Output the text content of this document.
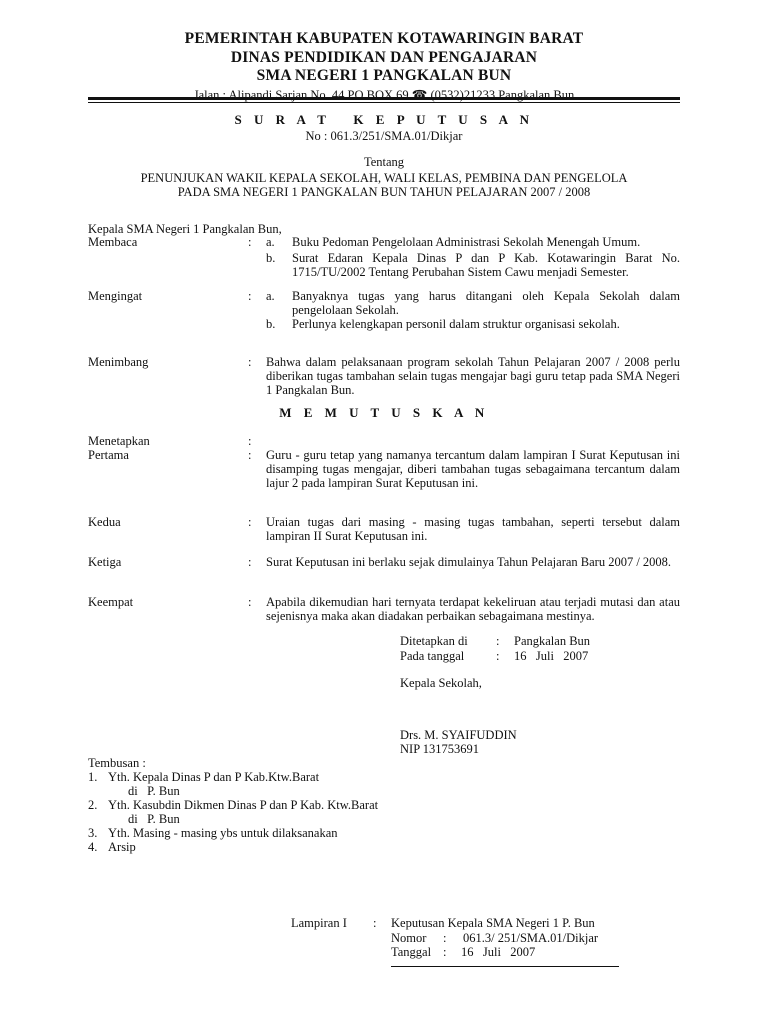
PEMERINTAH KABUPATEN KOTAWARINGIN BARAT
DINAS PENDIDIKAN DAN PENGAJARAN
SMA NEGERI 1 PANGKALAN BUN
Jalan : Alipandi Sarjan No. 44 PO BOX 69 ☎ (0532)21233 Pangkalan Bun
S U R A T   K E P U T U S A N
No : 061.3/251/SMA.01/Dikjar
Tentang
PENUNJUKAN WAKIL KEPALA SEKOLAH, WALI KELAS, PEMBINA DAN PENGELOLA
PADA SMA NEGERI 1 PANGKALAN BUN TAHUN PELAJARAN 2007 / 2008
Kepala SMA Negeri 1 Pangkalan Bun,
Membaca	:	a. Buku Pedoman Pengelolaan Administrasi Sekolah Menengah Umum.
b. Surat Edaran Kepala Dinas P dan P Kab. Kotawaringin Barat No. 1715/TU/2002 Tentang Perubahan Sistem Cawu menjadi Semester.
Mengingat	:	a. Banyaknya tugas yang harus ditangani oleh Kepala Sekolah dalam pengelolaan Sekolah.
b. Perlunya kelengkapan personil dalam struktur organisasi sekolah.
Menimbang	:	Bahwa dalam pelaksanaan program sekolah Tahun Pelajaran 2007 / 2008 perlu diberikan tugas tambahan selain tugas mengajar bagi guru tetap pada SMA Negeri 1 Pangkalan Bun.
M E M U T U S K A N
Menetapkan	:
Pertama	:	Guru - guru tetap yang namanya tercantum dalam lampiran I Surat Keputusan ini disamping tugas mengajar, diberi tambahan tugas sebagaimana tercantum dalam lajur 2 pada lampiran Surat Keputusan ini.
Kedua	:	Uraian tugas dari masing - masing tugas tambahan, seperti tersebut dalam lampiran II Surat Keputusan ini.
Ketiga	:	Surat Keputusan ini berlaku sejak dimulainya Tahun Pelajaran Baru 2007 / 2008.
Keempat	:	Apabila dikemudian hari ternyata terdapat kekeliruan atau terjadi mutasi dan atau sejenisnya maka akan diadakan perbaikan sebagaimana mestinya.
Ditetapkan di : Pangkalan Bun
Pada tanggal	: 16   Juli   2007
Kepala Sekolah,
Drs. M. SYAIFUDDIN
NIP 131753691
Tembusan :
1. Yth. Kepala Dinas P dan P Kab.Ktw.Barat
di   P. Bun
2. Yth. Kasubdin Dikmen Dinas P dan P Kab. Ktw.Barat
di   P. Bun
3. Yth. Masing - masing ybs untuk dilaksanakan
4. Arsip
Lampiran I : Keputusan Kepala SMA Negeri 1 P. Bun
Nomor : 061.3/ 251/SMA.01/Dikjar
Tanggal : 16   Juli   2007
